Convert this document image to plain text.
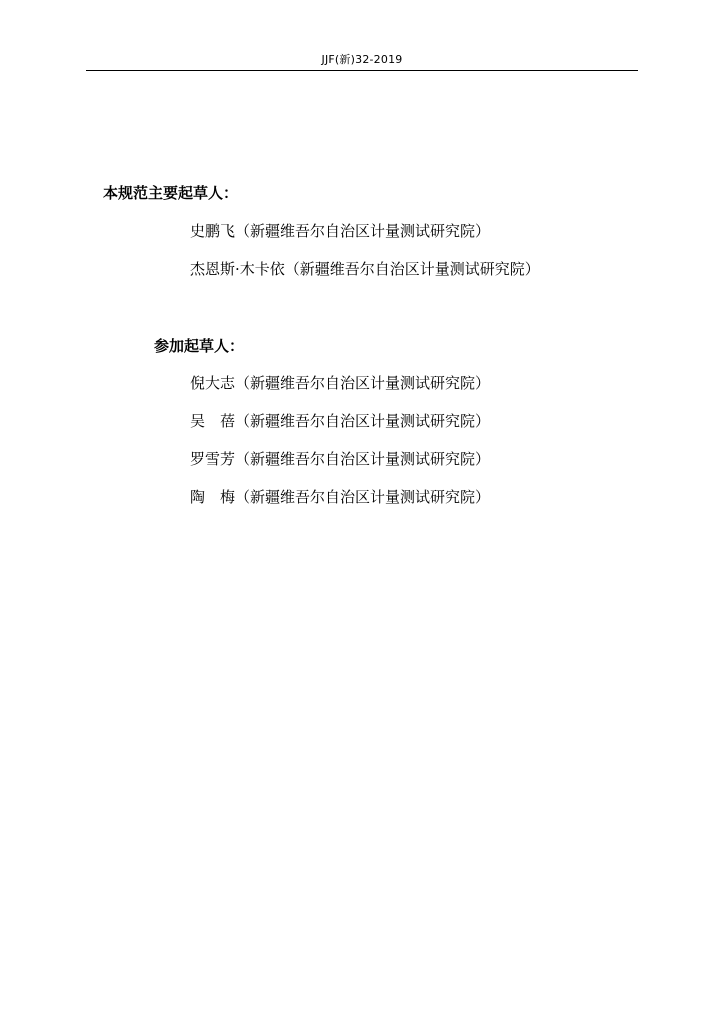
JJF(新)32-2019
本规范主要起草人：
史鹏飞（新疆维吾尔自治区计量测试研究院）
杰恩斯·木卡依（新疆维吾尔自治区计量测试研究院）
参加起草人：
倪大志（新疆维吾尔自治区计量测试研究院）
吴　蓓（新疆维吾尔自治区计量测试研究院）
罗雪芳（新疆维吾尔自治区计量测试研究院）
陶　梅（新疆维吾尔自治区计量测试研究院）
